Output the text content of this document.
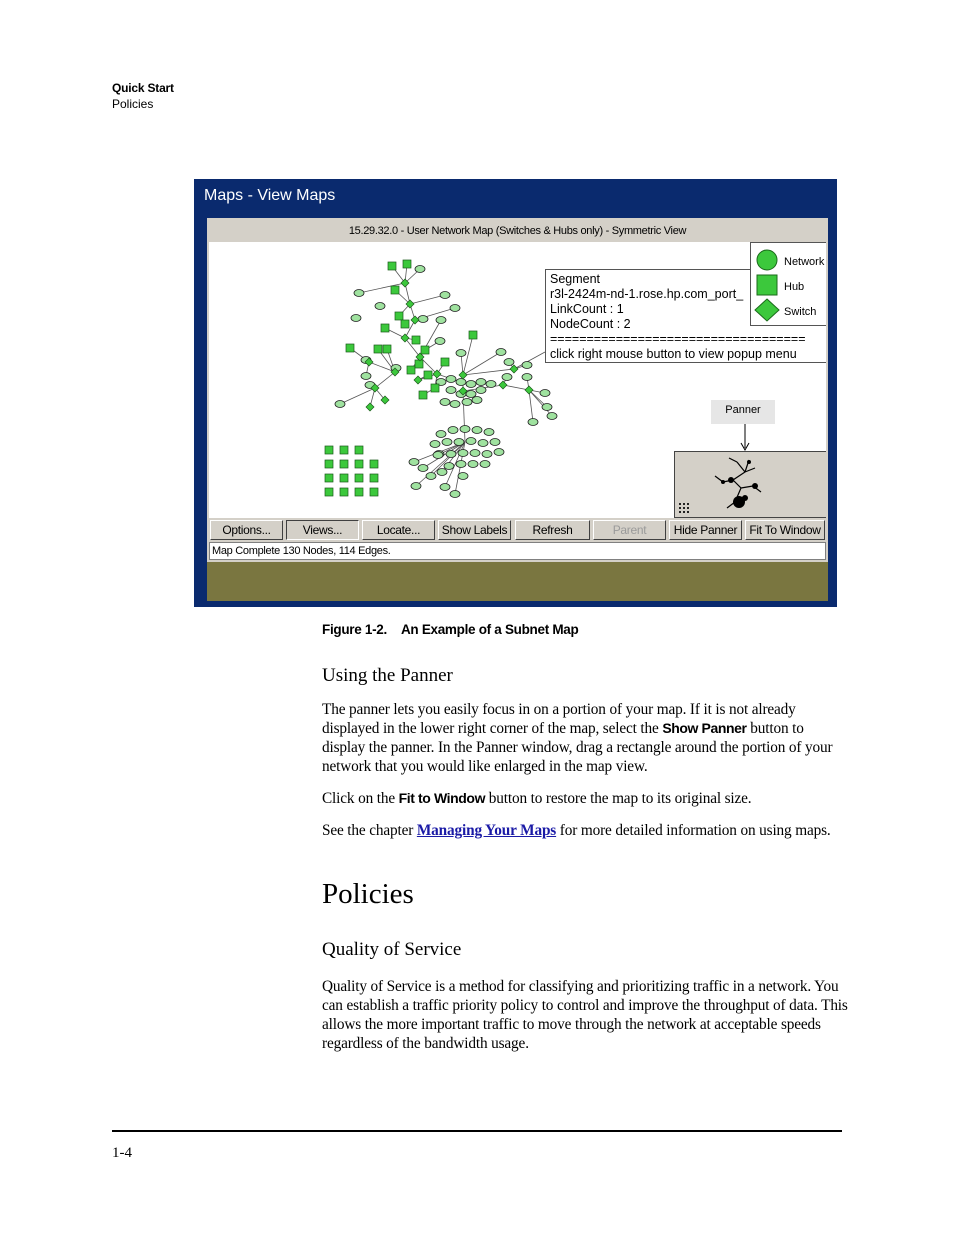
Quick Start
Policies
Maps - View Maps
15.29.32.0 - User Network Map (Switches & Hubs only) - Symmetric View
Segment
r3l-2424m-nd-1.rose.hp.com_port_
LinkCount : 1
NodeCount : 2
===================================
click right mouse button to view popup menu
Network
Hub
Switch
Panner
Options...	Views...	Locate...	Show Labels	Refresh	Parent	Hide Panner	Fit To Window
Map Complete 130 Nodes, 114 Edges.
Figure 1-2. An Example of a Subnet Map
Using the Panner
The panner lets you easily focus in on a portion of your map. If it is not already displayed in the lower right corner of the map, select the Show Panner button to display the panner. In the Panner window, drag a rectangle around the portion of your network that you would like enlarged in the map view.
Click on the Fit to Window button to restore the map to its original size.
See the chapter Managing Your Maps for more detailed information on using maps.
Policies
Quality of Service
Quality of Service is a method for classifying and prioritizing traffic in a network. You can establish a traffic priority policy to control and improve the throughput of data. This allows the more important traffic to move through the network at acceptable speeds regardless of the bandwidth usage.
1-4
